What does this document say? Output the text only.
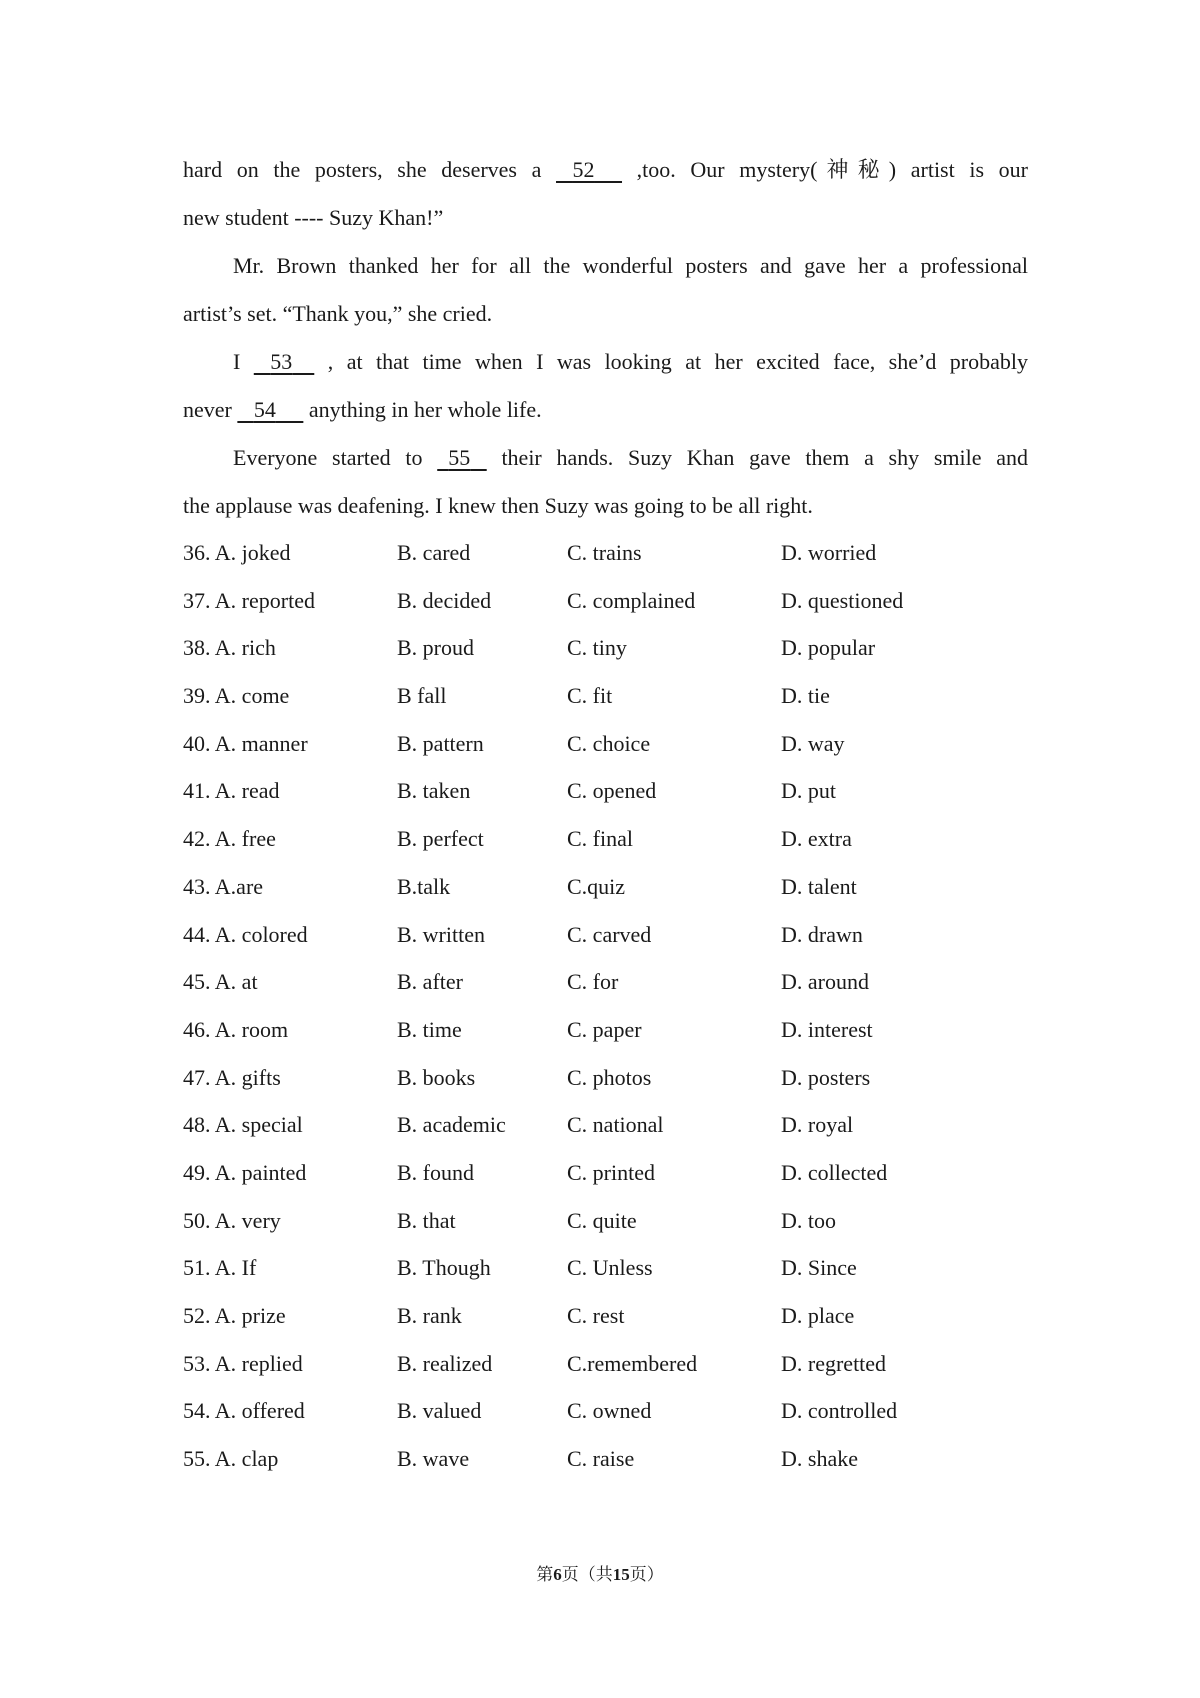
hard on the posters, she deserves a    52      ,too. Our mystery(神秘) artist is our
new student ---- Suzy Khan!”
Mr. Brown thanked her for all the wonderful posters and gave her a professional
artist’s set. “Thank you,” she cried.
I    53     , at that time when I was looking at her excited face, she’d probably
never    54      anything in her whole life.
Everyone started to   55    their hands. Suzy Khan gave them a shy smile and
the applause was deafening. I knew then Suzy was going to be all right.
36. A. joked	B. cared	C. trains	D. worried
37. A. reported	B. decided	C. complained	D. questioned
38. A. rich	B. proud	C. tiny	D. popular
39. A. come	B fall	C. fit	D. tie
40. A. manner	B. pattern	C. choice	D. way
41. A. read	B. taken	C. opened	D. put
42. A. free	B. perfect	C. final	D. extra
43. A.are	B.talk	C.quiz	D. talent
44. A. colored	B. written	C. carved	D. drawn
45. A. at	B. after	C. for	D. around
46. A. room	B. time	C. paper	D. interest
47. A. gifts	B. books	C. photos	D. posters
48. A. special	B. academic	C. national	D. royal
49. A. painted	B. found	C. printed	D. collected
50. A. very	B. that	C. quite	D. too
51. A. If	B. Though	C. Unless	D. Since
52. A. prize	B. rank	C. rest	D. place
53. A. replied	B. realized	C.remembered	D. regretted
54. A. offered	B. valued	C. owned	D. controlled
55. A. clap	B. wave	C. raise	D. shake
第6页（共15页）
